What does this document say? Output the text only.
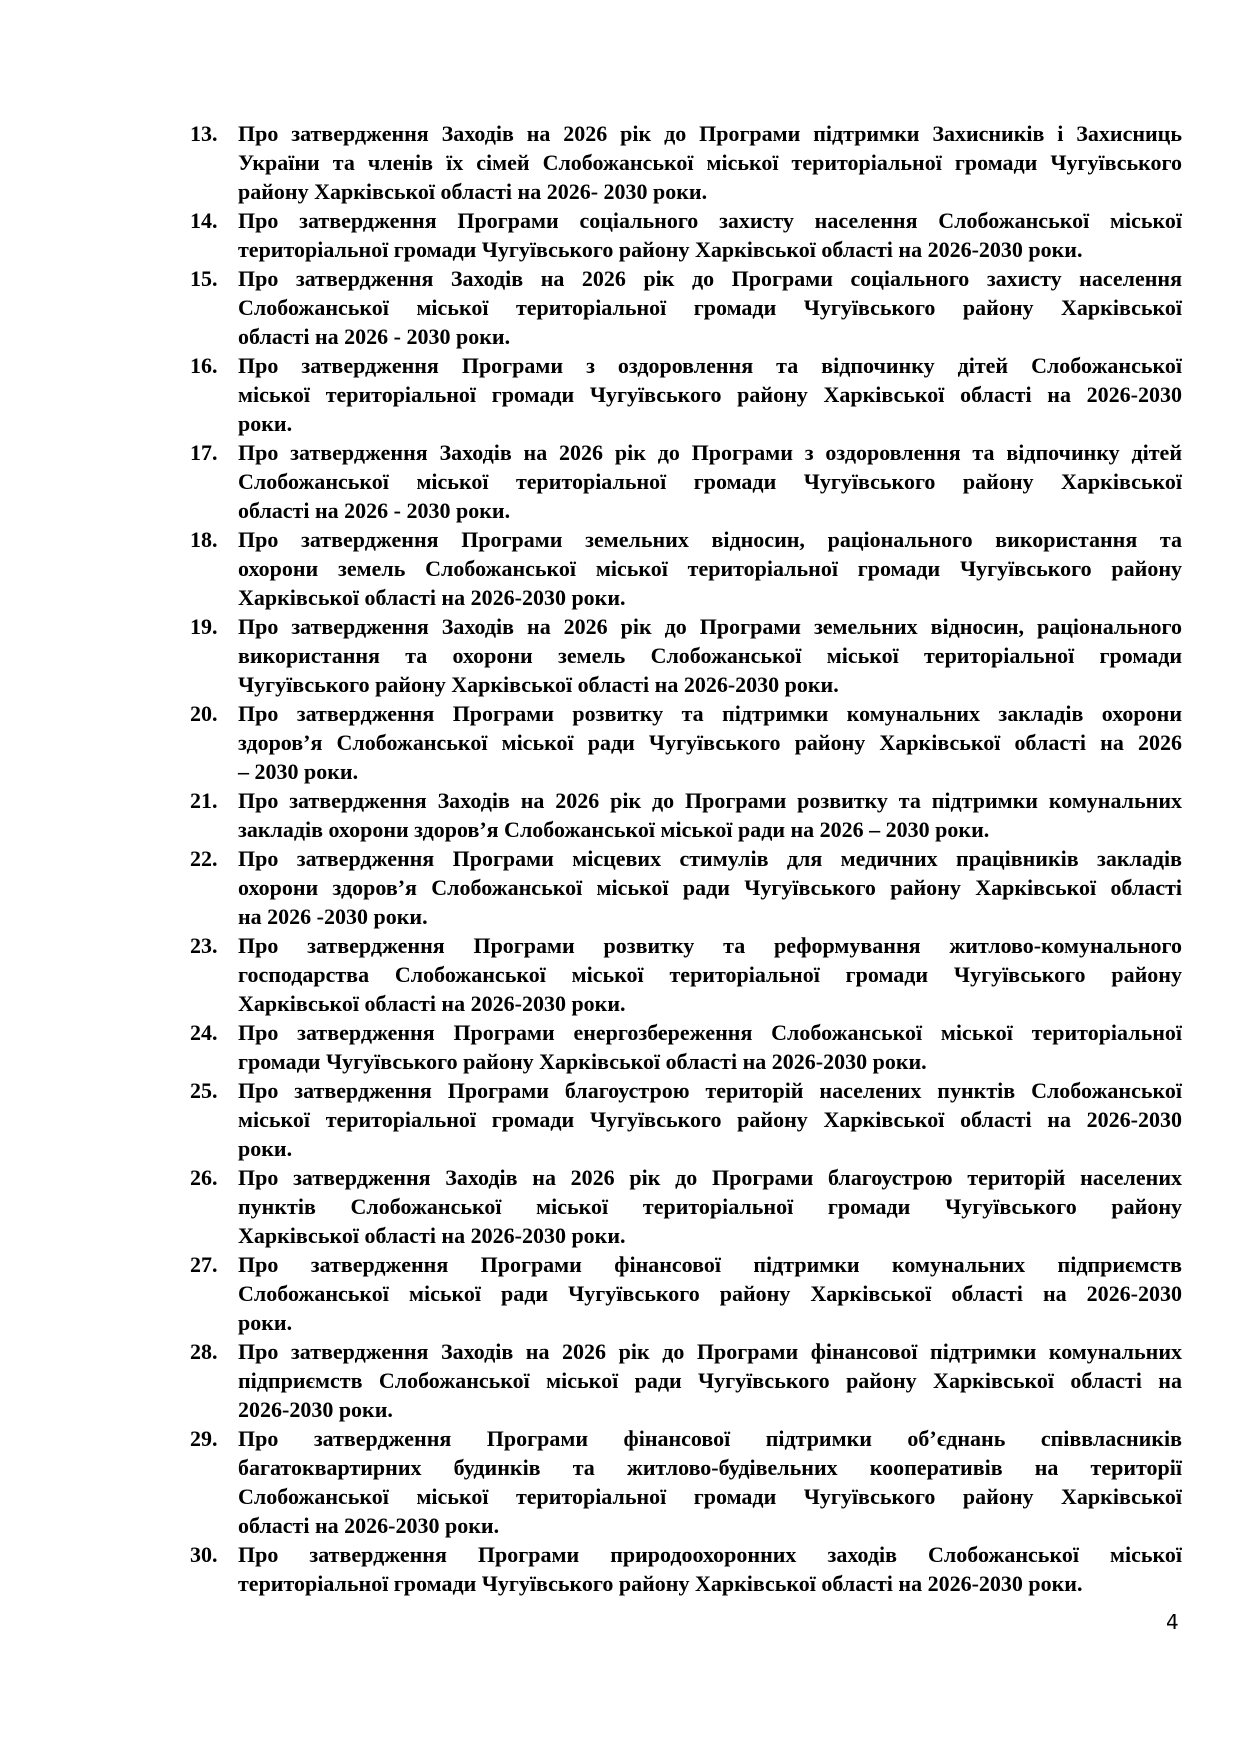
13. Про затвердження Заходів на 2026 рік до Програми підтримки Захисників і Захисниць
України та членів їх сімей Слобожанської міської територіальної громади Чугуївського
району Харківської області на 2026- 2030 роки.
14. Про затвердження Програми соціального захисту населення Слобожанської міської
територіальної громади Чугуївського району Харківської області на 2026-2030 роки.
15. Про затвердження Заходів на 2026 рік до Програми соціального захисту населення
Слобожанської міської територіальної громади Чугуївського району Харківської
області на 2026 - 2030 роки.
16. Про затвердження Програми з оздоровлення та відпочинку дітей Слобожанської
міської територіальної громади Чугуївського району Харківської області на 2026-2030
роки.
17. Про затвердження Заходів на 2026 рік до Програми з оздоровлення та відпочинку дітей
Слобожанської міської територіальної громади Чугуївського району Харківської
області на 2026 - 2030 роки.
18. Про затвердження Програми земельних відносин, раціонального використання та
охорони земель Слобожанської міської територіальної громади Чугуївського району
Харківської області на 2026-2030 роки.
19. Про затвердження Заходів на 2026 рік до Програми земельних відносин, раціонального
використання та охорони земель Слобожанської міської територіальної громади
Чугуївського району Харківської області на 2026-2030 роки.
20. Про затвердження Програми розвитку та підтримки комунальних закладів охорони
здоров’я Слобожанської міської ради Чугуївського району Харківської області на 2026
– 2030 роки.
21. Про затвердження Заходів на 2026 рік до Програми розвитку та підтримки комунальних
закладів охорони здоров’я Слобожанської міської ради на 2026 – 2030 роки.
22. Про затвердження Програми місцевих стимулів для медичних працівників закладів
охорони здоров’я Слобожанської міської ради Чугуївського району Харківської області
на 2026 -2030 роки.
23. Про затвердження Програми розвитку та реформування житлово-комунального
господарства Слобожанської міської територіальної громади Чугуївського району
Харківської області на 2026-2030 роки.
24. Про затвердження Програми енергозбереження Слобожанської міської територіальної
громади Чугуївського району Харківської області на 2026-2030 роки.
25. Про затвердження Програми благоустрою територій населених пунктів Слобожанської
міської територіальної громади Чугуївського району Харківської області на 2026-2030
роки.
26. Про затвердження Заходів на 2026 рік до Програми благоустрою територій населених
пунктів Слобожанської міської територіальної громади Чугуївського району
Харківської області на 2026-2030 роки.
27. Про затвердження Програми фінансової підтримки комунальних підприємств
Слобожанської міської ради Чугуївського району Харківської області на 2026-2030
роки.
28. Про затвердження Заходів на 2026 рік до Програми фінансової підтримки комунальних
підприємств Слобожанської міської ради Чугуївського району Харківської області на
2026-2030 роки.
29. Про затвердження Програми фінансової підтримки об’єднань співвласників
багатоквартирних будинків та житлово-будівельних кооперативів на території
Слобожанської міської територіальної громади Чугуївського району Харківської
області на 2026-2030 роки.
30. Про затвердження Програми природоохоронних заходів Слобожанської міської
територіальної громади Чугуївського району Харківської області на 2026-2030 роки.
4
